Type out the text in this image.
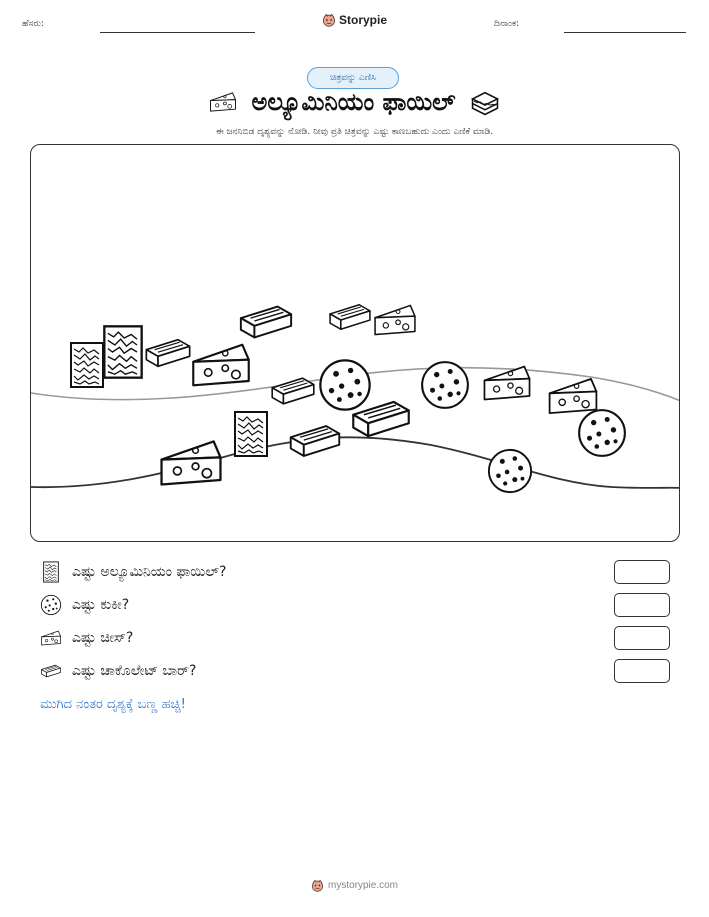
ಹೆಸರು:	Storypie	ದಿನಾಂಕ:
ಚಿತ್ರವನ್ನು ಎಣಿಸಿ
ಅಲ್ಯೂಮಿನಿಯಂ ಫಾಯಿಲ್
ಈ ಜನನಿಬಿಡ ದೃಶ್ಯವನ್ನು ನೋಡಿ. ನೀವು ಪ್ರತಿ ಚಿತ್ರವನ್ನು ಎಷ್ಟು ಕಾಣಬಹುದು ಎಂದು ಎಣಿಕೆ ಮಾಡಿ.
ಎಷ್ಟು ಅಲ್ಯೂಮಿನಿಯಂ ಫಾಯಿಲ್?
ಎಷ್ಟು ಕುಕೀ?
ಎಷ್ಟು ಚೀಸ್?
ಎಷ್ಟು ಚಾಕೊಲೇಟ್ ಬಾರ್?
ಮುಗಿದ ನಂತರ ದೃಶ್ಯಕ್ಕೆ ಬಣ್ಣ ಹಚ್ಚಿ!
mystorypie.com
